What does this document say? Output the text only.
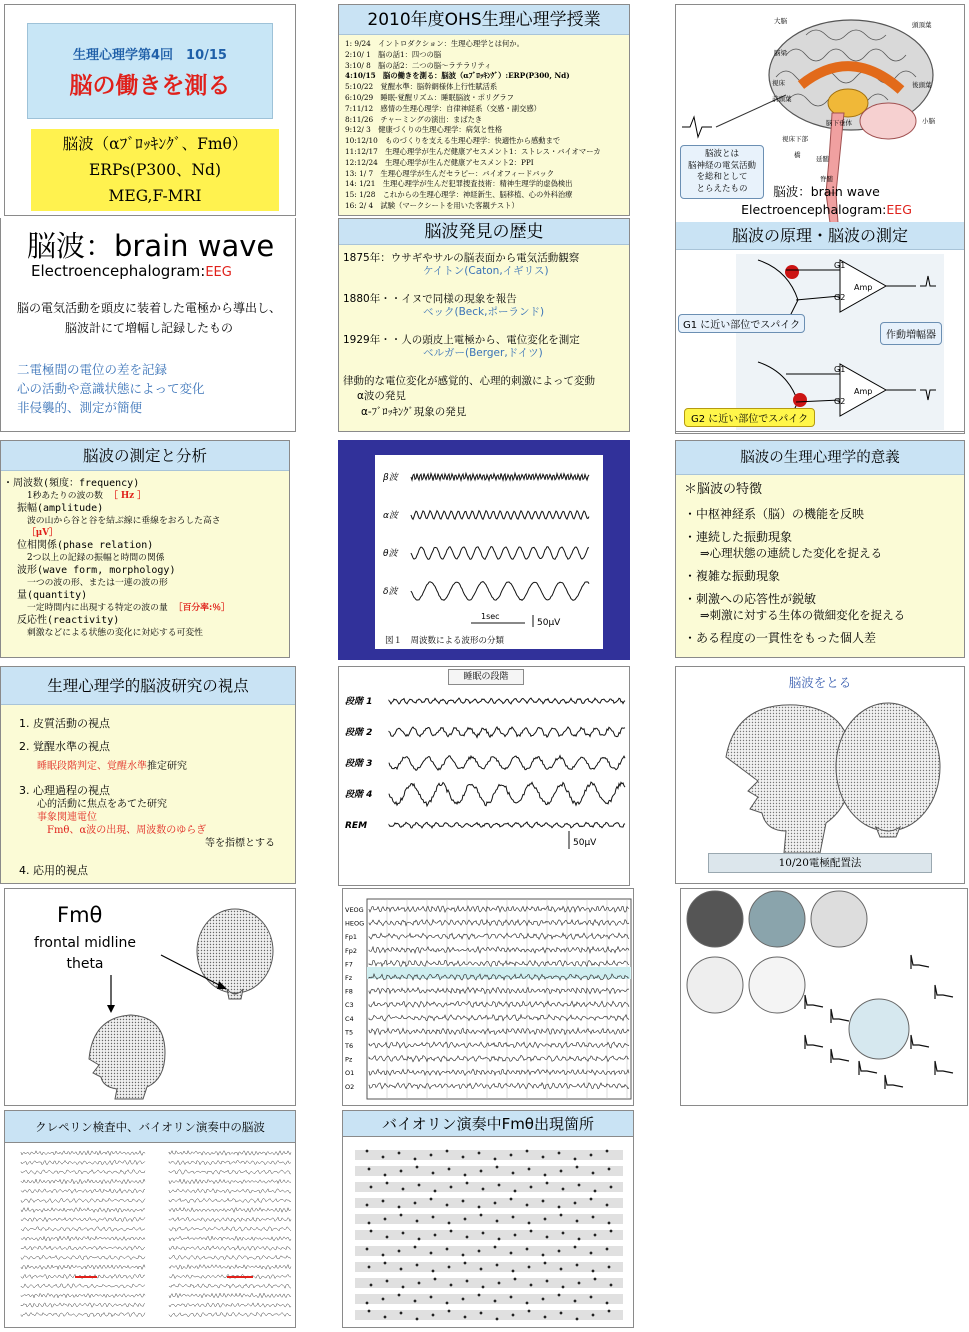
生理心理学第4回　10/15
脳の働きを測る
脳波（αﾌﾞﾛｯｷﾝｸﾞ、Fmθ）
ERPs(P300、Nd)
MEG,F-MRI
2010年度OHS生理心理学授業
1: 9/24　イントロダクション：生理心理学とは何か。
2:10/ 1　脳の話1：四つの脳
3:10/ 8　脳の話2：二つの脳～ラテラリティ
4:10/15　脳の働きを測る：脳波（αﾌﾞﾛｯｷﾝｸﾞ）:ERP(P300, Nd)
5:10/22　覚醒水準：脳幹網様体上行性賦活系
6:10/29　睡眠-覚醒リズム：睡眠脳波・ポリグラフ
7:11/12　感情の生理心理学：自律神経系（交感・副交感）
8:11/26　チャーミングの演出：まばたき
9:12/ 3　健康づくりの生理心理学：病気と性格
10:12/10　ものづくりを支える生理心理学：快適性から感動まで
11:12/17　生理心理学が生んだ健康アセスメント1：ストレス・バイオマーカ
12:12/24　生理心理学が生んだ健康アセスメント2：PPI
13: 1/ 7　生理心理学が生んだセラピー：バイオフィードバック
14: 1/21　生理心理学が生んだ犯罪捜査技術：精神生理学的虚偽検出
15: 1/28　これからの生理心理学：神経新生、脳移植、心の外科治療
16: 2/ 4　試験（マークシートを用いた客観テスト）
大脳	頭頂葉
脳梁
視床
前頭葉
視床下部
脳下垂体
後頭葉
小脳
延髄
橋
脊髄
脳波とは
脳神経の電気活動
を総和として
とらえたもの	脳波：brain wave
Electroencephalogram:EEG
脳波：brain wave
Electroencephalogram:EEG
脳の電気活動を頭皮に装着した電極から導出し、
脳波計にて増幅し記録したもの
二電極間の電位の差を記録
心の活動や意識状態によって変化
非侵襲的、測定が簡便
脳波発見の歴史
1875年：ウサギやサルの脳表面から電気活動観察
ケイトン(Caton,イギリス)
1880年・・イヌで同様の現象を報告
ベック(Beck,ポーランド)
1929年・・人の頭皮上電極から、電位変化を測定
ベルガー(Berger,ドイツ)
律動的な電位変化が感覚的、心理的刺激によって変動
α波の発見
α-ﾌﾞﾛｯｷﾝｸﾞ現象の発見
脳波の原理・脳波の測定
G1
G2
Amp
G1
G2
Amp
G1 に近い部位でスパイク
作動増幅器
G2 に近い部位でスパイク
脳波の測定と分析
・周波数(頻度：frequency)
1秒あたりの波の数 ［ Hz ］
振幅(amplitude)
波の山から谷と谷を結ぶ線に垂線をおろした高さ
［μV］
位相関係(phase relation)
2つ以上の記録の振幅と時間の関係
波形(wave form, morphology)
一つの波の形、または一連の波の形
量(quantity)
一定時間内に出現する特定の波の量 ［百分率:％］
反応性(reactivity)
刺激などによる状態の変化に対応する可変性
β波
α波
θ波
δ波
1sec
50μV
図１　周波数による波形の分類
脳波の生理心理学的意義
＊脳波の特徴
・中枢神経系（脳）の機能を反映
・連続した振動現象
⇒心理状態の連続した変化を捉える
・複雑な振動現象
・刺激への応答性が鋭敏
⇒刺激に対する生体の微細変化を捉える
・ある程度の一貫性をもった個人差
生理心理学的脳波研究の視点
1. 皮質活動の視点
2. 覚醒水準の視点
睡眠段階判定、覚醒水準推定研究
3. 心理過程の視点
心的活動に焦点をあてた研究
事象関連電位
Fmθ、α波の出現、周波数のゆらぎ
等を指標とする
4. 応用的視点
睡眠の段階
段階 1
段階 2
段階 3
段階 4
REM
50μV
脳波をとる
10/20電極配置法
Fmθ
frontal midline
theta
VEOG
HEOG
Fp1
Fp2
F7
Fz
F8
C3
C4
T5
T6
Pz
O1
O2
クレペリン検査中、バイオリン演奏中の脳波	バイオリン演奏中Fmθ出現箇所
